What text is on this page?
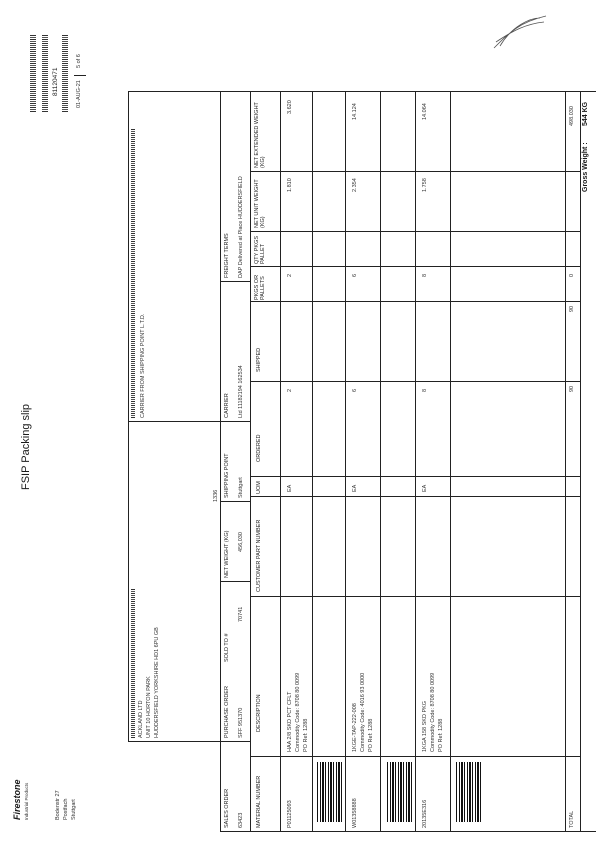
Firestone Industrial Products	Bodenstr 27 Postfach Stuttgart
FSIP Packing slip
81120471	01-AUG-21
5 of 6
ACKLAND LTD UNIT 10 HORTON PARK HUDDERSFIELD YORKSHIRE HD1 6PU GB
1336
CARRIER FROM SHIPPING POINT L.T.D.
SALES ORDER
PURCHASE ORDER
SOLD TO #
NET WEIGHT (KG)
SHIPPING POINT
CARRIER
FREIGHT TERMS
63423
SFF 951370
70741
456,030
Stuttgart
Ltd 11182194 162534
DAP Delivered at Place HUDDERSFIELD
MATERIAL NUMBER
DESCRIPTION
CUSTOMER PART NUMBER
UOM
ORDERED
SHIPPED
PKGS OR PALLETS
QTY PKGS PALLET
NET UNIT WEIGHT (KG)
NET EXTENDED WEIGHT (KG)
P01125093
HAA 2/8 SKD PCT CFLT Commodity Code: 8708 80 0099 PO Ref: 1288
EA
2
2
1.810
3.620
W01358888
1KGE-TAP-222-008 Commodity Code: 4016 93 0000 PO Ref: 1288
EA
6
6
2.354
14.124
20135E316
1KGA 158 SKD PKG Commodity Code: 8708 80 0099 PO Ref: 1288
EA
8
8
1.758
14.064
TOTAL
90
90
0
498.030
Gross Weight :
544 KG
